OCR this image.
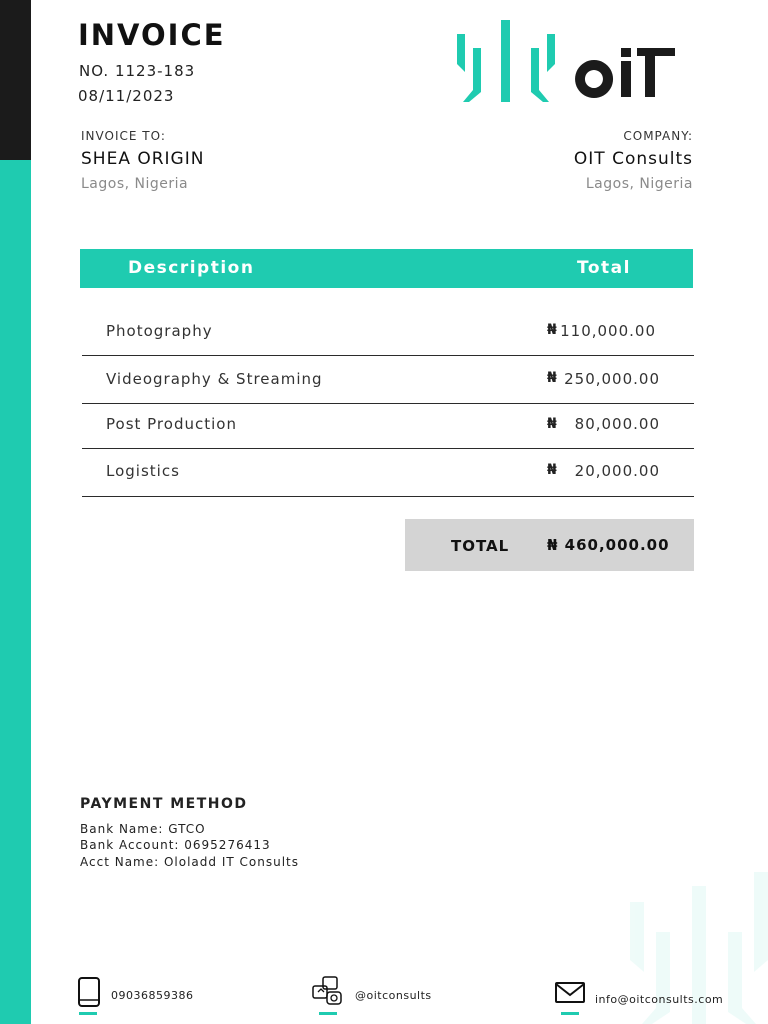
INVOICE
NO. 1123-183
08/11/2023
INVOICE TO:
SHEA ORIGIN
Lagos, Nigeria
COMPANY:
OIT Consults
Lagos, Nigeria
Description	Total
Photography	₦ 110,000.00
Videography & Streaming	₦ 250,000.00
Post Production	₦ 80,000.00
Logistics	₦ 20,000.00
TOTAL	₦ 460,000.00
PAYMENT METHOD
Bank Name: GTCO
Bank Account: 0695276413
Acct Name: Ololadd IT Consults
09036859386	@oitconsults	info@oitconsults.com
